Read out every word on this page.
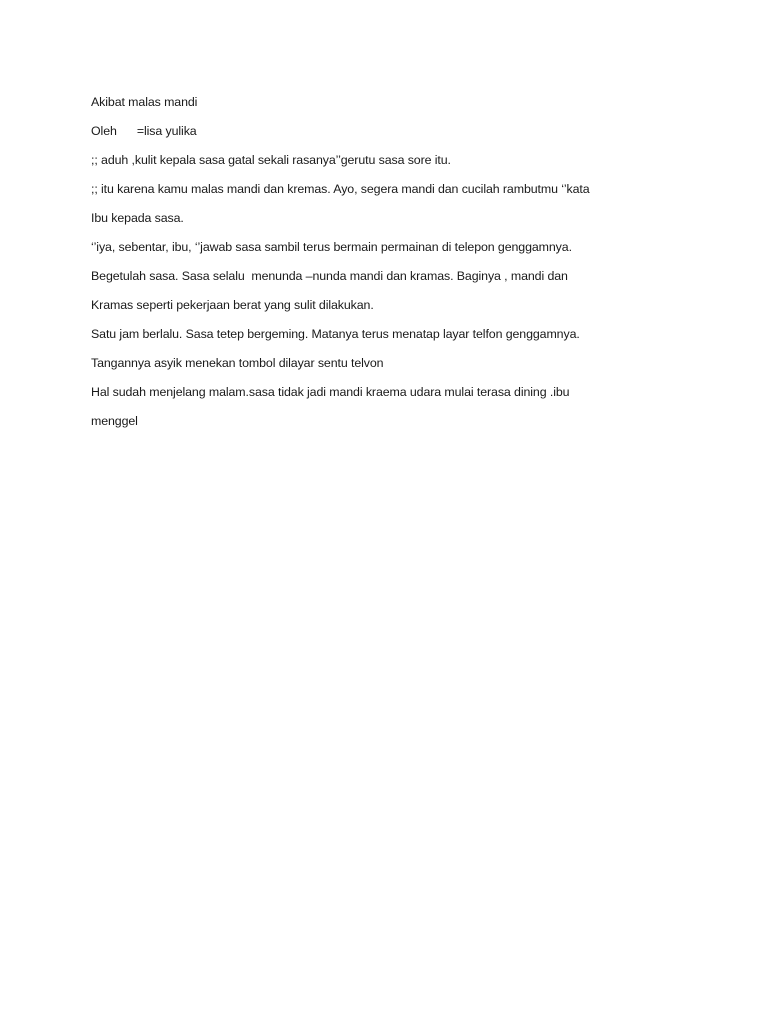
Akibat malas mandi
Oleh      =lisa yulika
;; aduh ,kulit kepala sasa gatal sekali rasanya’’gerutu sasa sore itu.
;; itu karena kamu malas mandi dan kremas. Ayo, segera mandi dan cucilah rambutmu ‘’kata
Ibu kepada sasa.
‘’iya, sebentar, ibu, ‘’jawab sasa sambil terus bermain permainan di telepon genggamnya.
Begetulah sasa. Sasa selalu  menunda –nunda mandi dan kramas. Baginya , mandi dan
Kramas seperti pekerjaan berat yang sulit dilakukan.
Satu jam berlalu. Sasa tetep bergeming. Matanya terus menatap layar telfon genggamnya.
Tangannya asyik menekan tombol dilayar sentu telvon
Hal sudah menjelang malam.sasa tidak jadi mandi kraema udara mulai terasa dining .ibu
menggel
